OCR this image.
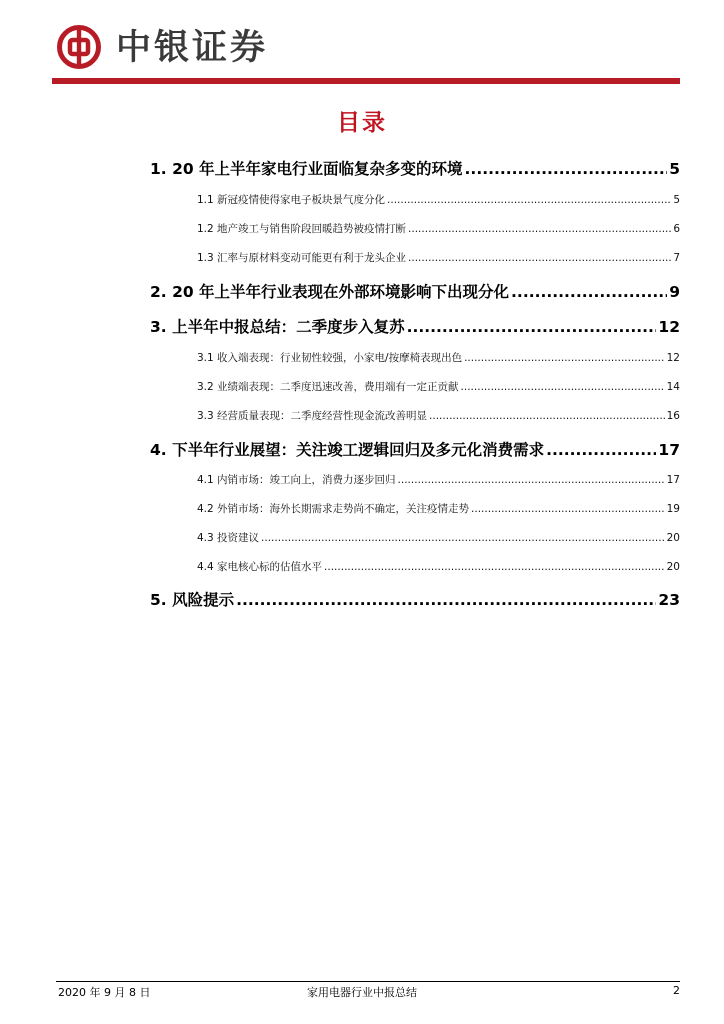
中银证券
目录
1. 20 年上半年家电行业面临复杂多变的环境 .....	5
1.1 新冠疫情使得家电子板块景气度分化 .....	5
1.2 地产竣工与销售阶段回暖趋势被疫情打断 .....	6
1.3 汇率与原材料变动可能更有利于龙头企业 .....	7
2. 20 年上半年行业表现在外部环境影响下出现分化 .....	9
3. 上半年中报总结：二季度步入复苏 .....	12
3.1 收入端表现：行业韧性较强，小家电/按摩椅表现出色 .....	12
3.2 业绩端表现：二季度迅速改善，费用端有一定正贡献 .....	14
3.3 经营质量表现：二季度经营性现金流改善明显 .....	16
4. 下半年行业展望：关注竣工逻辑回归及多元化消费需求 .....	17
4.1 内销市场：竣工向上，消费力逐步回归 .....	17
4.2 外销市场：海外长期需求走势尚不确定，关注疫情走势 .....	19
4.3 投资建议 .....	20
4.4 家电核心标的估值水平 .....	20
5. 风险提示 .....	23
2020 年 9 月 8 日	家用电器行业中报总结	2
